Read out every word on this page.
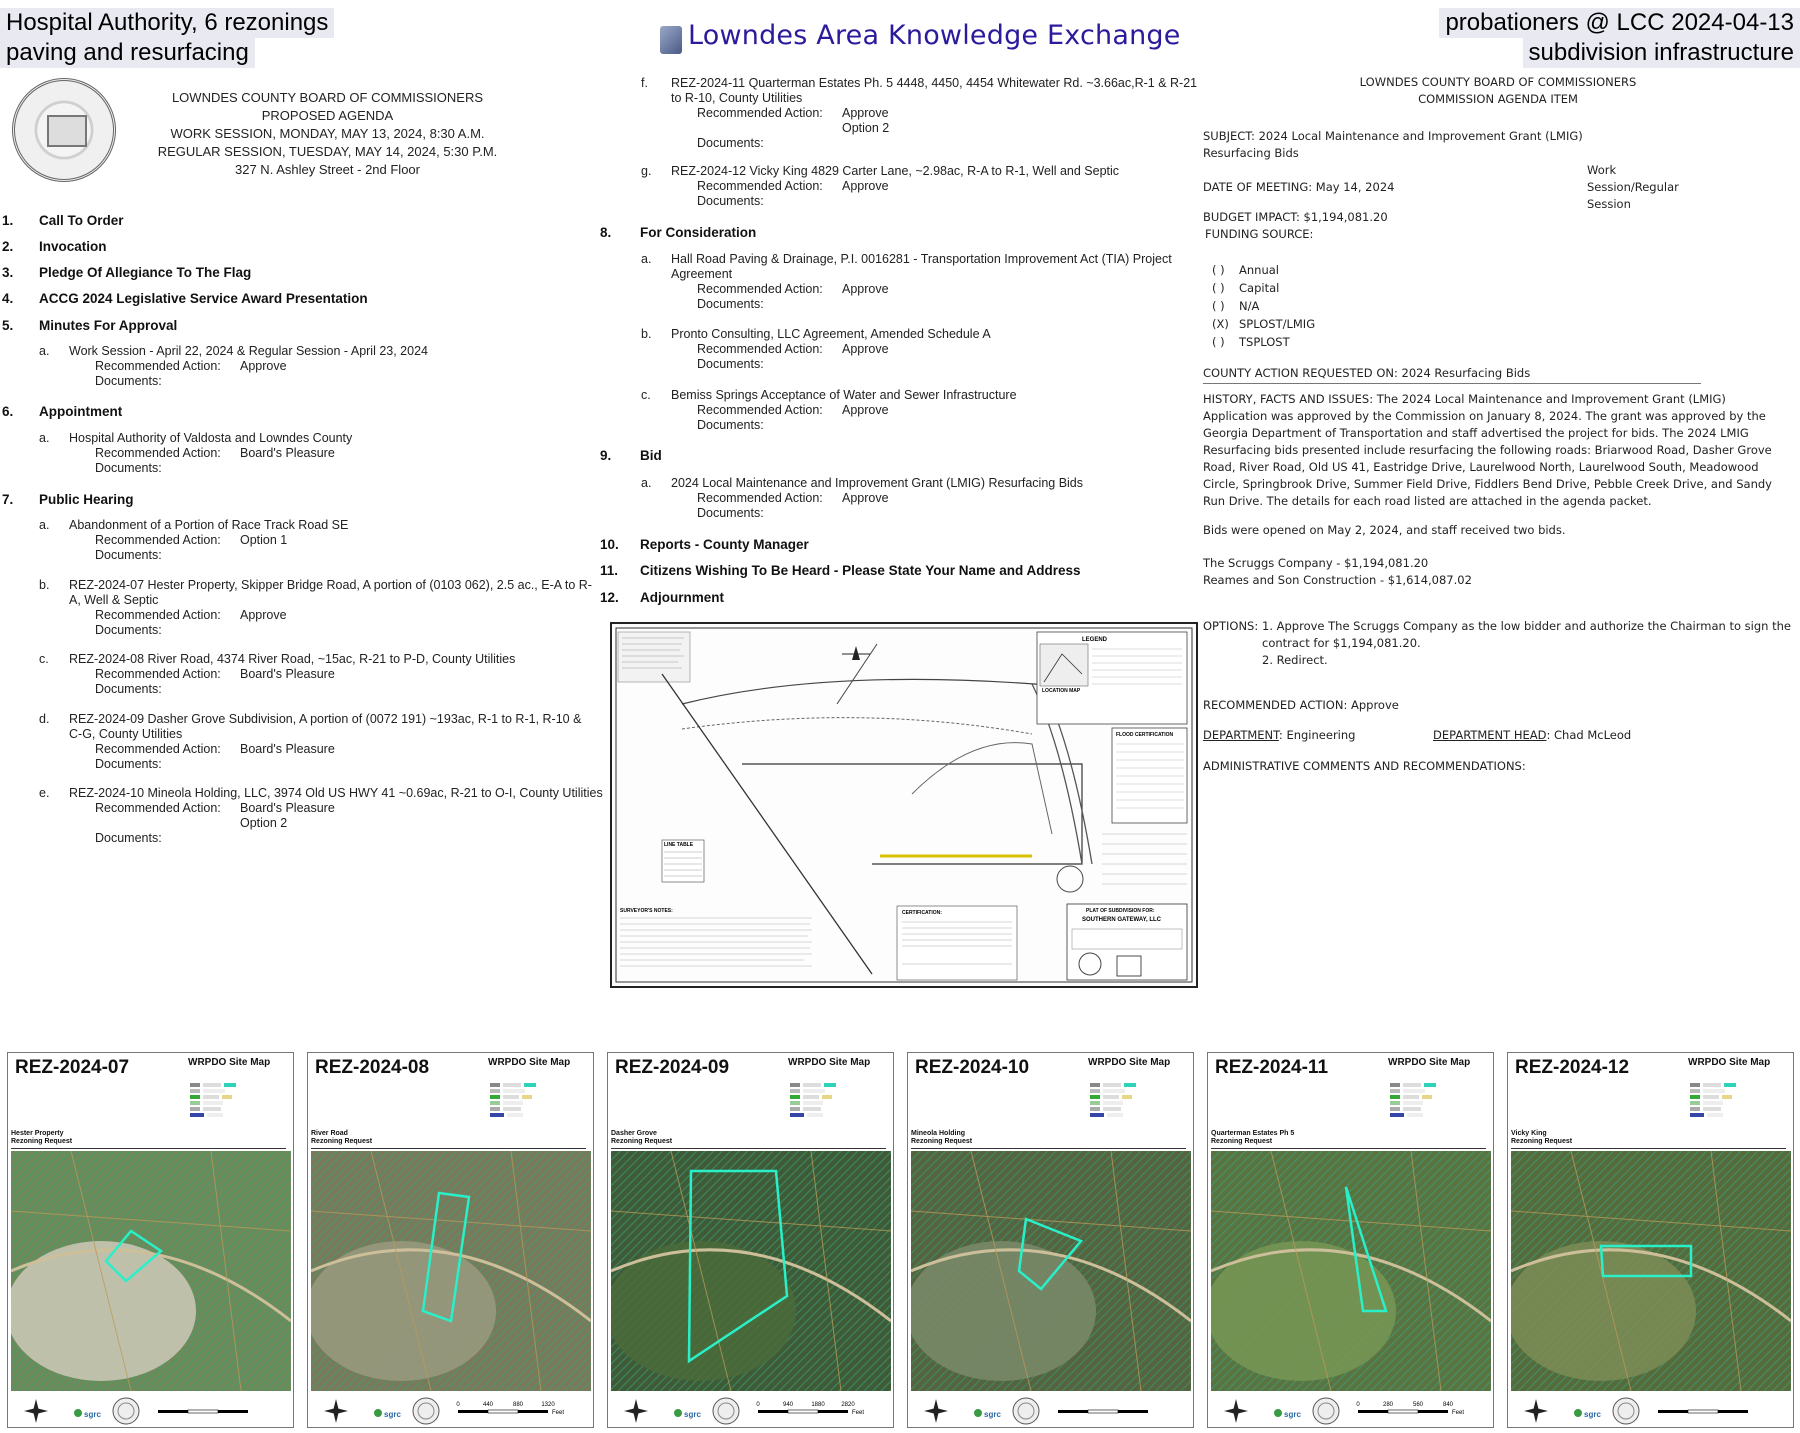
Hospital Authority, 6 rezonings
paving and resurfacing
probationers @ LCC 2024-04-13
subdivision infrastructure
Lowndes Area Knowledge Exchange
LOWNDES COUNTY BOARD OF COMMISSIONERS
PROPOSED AGENDA
WORK SESSION, MONDAY, MAY 13, 2024, 8:30 A.M.
REGULAR SESSION, TUESDAY, MAY 14, 2024, 5:30 P.M.
327 N. Ashley Street - 2nd Floor
1.	Call To Order
2.	Invocation
3.	Pledge Of Allegiance To The Flag
4.	ACCG 2024 Legislative Service Award Presentation
5.	Minutes For Approval
a. Work Session - April 22, 2024 & Regular Session - April 23, 2024
Recommended Action:	Approve
Documents:
6.	Appointment
a. Hospital Authority of Valdosta and Lowndes County
Recommended Action:	Board's Pleasure
Documents:
7.	Public Hearing
a. Abandonment of a Portion of Race Track Road SE
Recommended Action:	Option 1
Documents:
b. REZ-2024-07 Hester Property, Skipper Bridge Road, A portion of (0103 062), 2.5 ac., E-A to R-A, Well & Septic
Recommended Action:	Approve
Documents:
c. REZ-2024-08 River Road, 4374 River Road, ~15ac, R-21 to P-D, County Utilities
Recommended Action:	Board's Pleasure
Documents:
d. REZ-2024-09 Dasher Grove Subdivision, A portion of (0072 191) ~193ac, R-1 to R-1, R-10 & C-G, County Utilities
Recommended Action:	Board's Pleasure
Documents:
e. REZ-2024-10 Mineola Holding, LLC, 3974 Old US HWY 41 ~0.69ac, R-21 to O-I, County Utilities
Recommended Action:	Board's Pleasure
Option 2
Documents:
f. REZ-2024-11 Quarterman Estates Ph. 5 4448, 4450, 4454 Whitewater Rd. ~3.66ac,R-1 & R-21 to R-10, County Utilities
Recommended Action:	Approve
Option 2
Documents:
g. REZ-2024-12 Vicky King 4829 Carter Lane, ~2.98ac, R-A to R-1, Well and Septic
Recommended Action:	Approve
Documents:
8.	For Consideration
a. Hall Road Paving & Drainage, P.I. 0016281 - Transportation Improvement Act (TIA) Project Agreement
Recommended Action:	Approve
Documents:
b. Pronto Consulting, LLC Agreement, Amended Schedule A
Recommended Action:	Approve
Documents:
c. Bemiss Springs Acceptance of Water and Sewer Infrastructure
Recommended Action:	Approve
Documents:
9.	Bid
a. 2024 Local Maintenance and Improvement Grant (LMIG) Resurfacing Bids
Recommended Action:	Approve
Documents:
10.	Reports - County Manager
11.	Citizens Wishing To Be Heard - Please State Your Name and Address
12.	Adjournment
LEGEND
LOCATION MAP
FLOOD CERTIFICATION
LINE TABLE
SURVEYOR'S NOTES:	CERTIFICATION:	PLAT OF SUBDIVISION FOR:
SOUTHERN GATEWAY, LLC
LOWNDES COUNTY BOARD OF COMMISSIONERS
COMMISSION AGENDA ITEM
SUBJECT: 2024 Local Maintenance and Improvement Grant (LMIG) Resurfacing Bids
DATE OF MEETING: May 14, 2024
Work Session/Regular Session
BUDGET IMPACT: $1,194,081.20
FUNDING SOURCE:
( ) Annual
( ) Capital
( ) N/A
(X) SPLOST/LMIG
( ) TSPLOST
COUNTY ACTION REQUESTED ON: 2024 Resurfacing Bids
HISTORY, FACTS AND ISSUES: The 2024 Local Maintenance and Improvement Grant (LMIG) Application was approved by the Commission on January 8, 2024. The grant was approved by the Georgia Department of Transportation and staff advertised the project for bids. The 2024 LMIG Resurfacing bids presented include resurfacing the following roads: Briarwood Road, Dasher Grove Road, River Road, Old US 41, Eastridge Drive, Laurelwood North, Laurelwood South, Meadowood Circle, Springbrook Drive, Summer Field Drive, Fiddlers Bend Drive, Pebble Creek Drive, and Sandy Run Drive. The details for each road listed are attached in the agenda packet.
Bids were opened on May 2, 2024, and staff received two bids.
The Scruggs Company - $1,194,081.20
Reames and Son Construction - $1,614,087.02
OPTIONS: 1. Approve The Scruggs Company as the low bidder and authorize the Chairman to sign the contract for $1,194,081.20.
2. Redirect.
RECOMMENDED ACTION: Approve
DEPARTMENT: Engineering	DEPARTMENT HEAD: Chad McLeod
ADMINISTRATIVE COMMENTS AND RECOMMENDATIONS:
REZ-2024-07	WRPDO Site Map
Hester Property
Rezoning Request
sgrc
REZ-2024-08	WRPDO Site Map
River Road
Rezoning Request
sgrc
0	440	880	1320
Feet
REZ-2024-09	WRPDO Site Map
Dasher Grove
Rezoning Request
sgrc
0	940	1880	2820
Feet
REZ-2024-10	WRPDO Site Map
Mineola Holding
Rezoning Request
sgrc
REZ-2024-11	WRPDO Site Map
Quarterman Estates Ph 5
Rezoning Request
sgrc
0	280	560	840
Feet
REZ-2024-12	WRPDO Site Map
Vicky King
Rezoning Request
sgrc
